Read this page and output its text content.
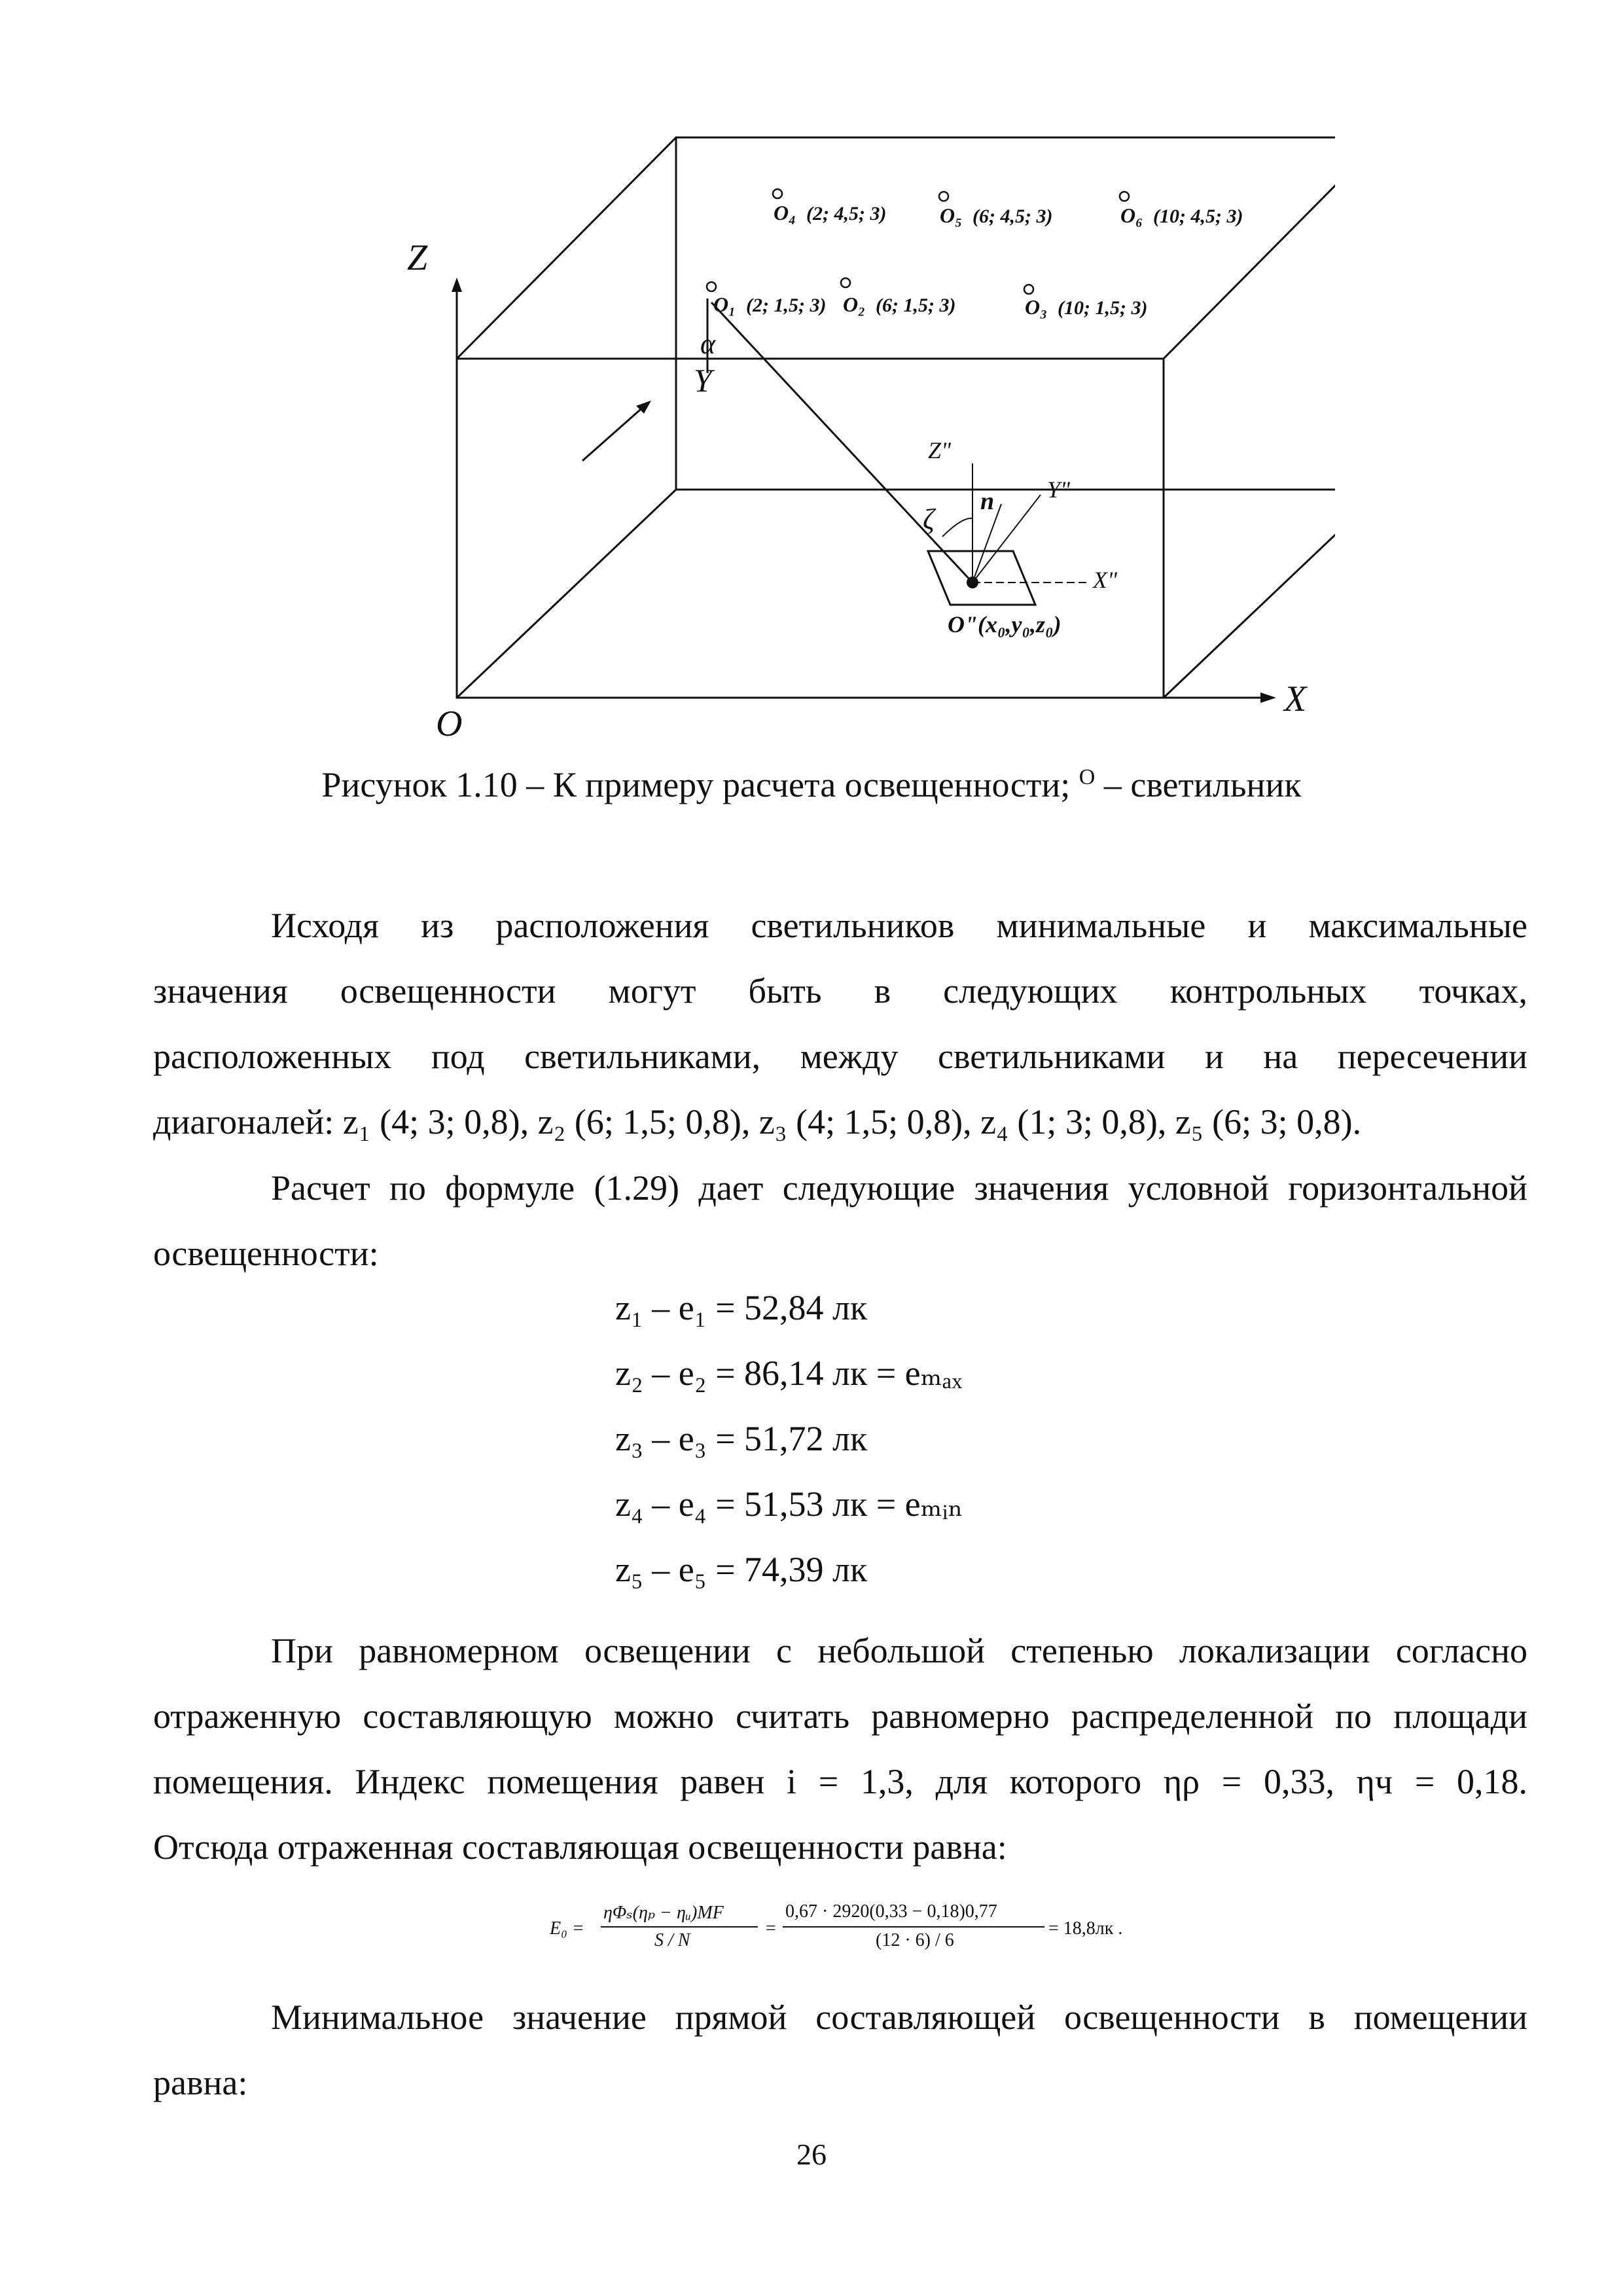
Z
Y
X
O
α
ζ
n
Z"
Y"
X"
O"(x₀,y₀,z₀)
O₁ (2; 1,5; 3) O₂ (6; 1,5; 3)	O₃ (10; 1,5; 3)
O₄ (2; 4,5; 3)	O₅ (6; 4,5; 3)	O₆ (10; 4,5; 3)
Рисунок 1.10 – К примеру расчета освещенности; $^O$ – светильник
Исходя из расположения светильников минимальные и максимальные
значения освещенности могут быть в следующих контрольных точках,
расположенных под светильниками, между светильниками и на пересечении
диагоналей: z₁ (4; 3; 0,8), z₂ (6; 1,5; 0,8), z₃ (4; 1,5; 0,8), z₄ (1; 3; 0,8), z₅ (6; 3; 0,8).
Расчет по формуле (1.29) дает следующие значения условной горизонтальной
освещенности:
z₁ – e₁ = 52,84 лк
z₂ – e₂ = 86,14 лк = eₘₐₓ
z₃ – e₃ = 51,72 лк
z₄ – e₄ = 51,53 лк = eₘᵢₙ
z₅ – e₅ = 74,39 лк
При равномерном освещении с небольшой степенью локализации согласно
отраженную составляющую можно считать равномерно распределенной по площади
помещения. Индекс помещения равен i = 1,3, для которого ηρ = 0,33, ηч = 0,18.
Отсюда отраженная составляющая освещенности равна:
E₀ =
ηΦₛ(ηₚ − ηᵤ)MF
S / N
=
0,67 · 2920(0,33 − 0,18)0,77
(12 · 6) / 6
= 18,8лк .
Минимальное значение прямой составляющей освещенности в помещении
равна:
26
